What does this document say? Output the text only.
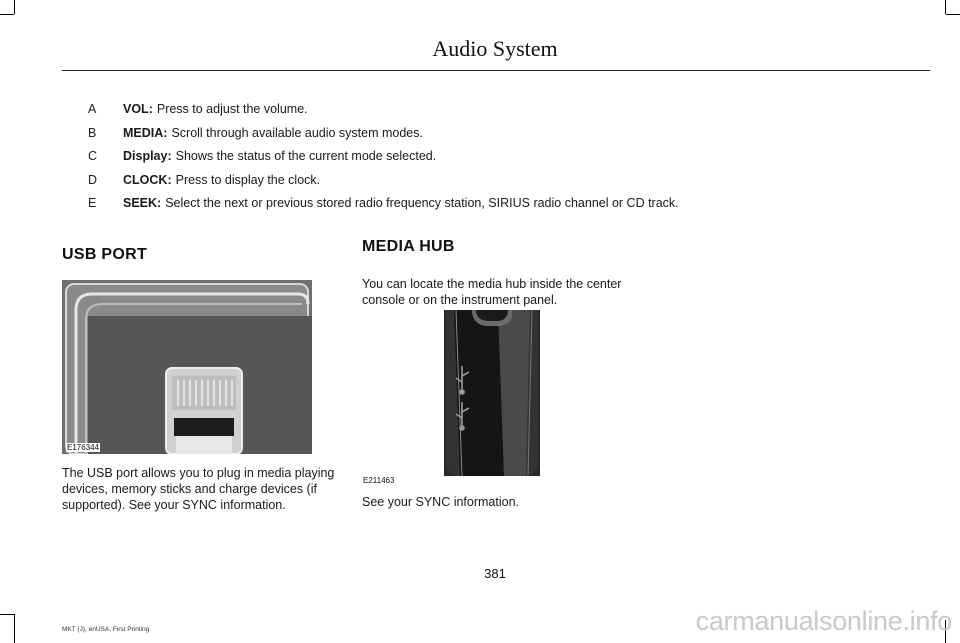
Audio System
A	VOL: Press to adjust the volume.
B	MEDIA: Scroll through available audio system modes.
C	Display: Shows the status of the current mode selected.
D	CLOCK: Press to display the clock.
E	SEEK: Select the next or previous stored radio frequency station, SIRIUS radio channel or CD track.
USB PORT
E176344
The USB port allows you to plug in media playing devices, memory sticks and charge devices (if supported). See your SYNC information.
MEDIA HUB
You can locate the media hub inside the center console or on the instrument panel.
E211463
See your SYNC information.
381
MKT (J), enUSA, First Printing	carmanualsonline.info
